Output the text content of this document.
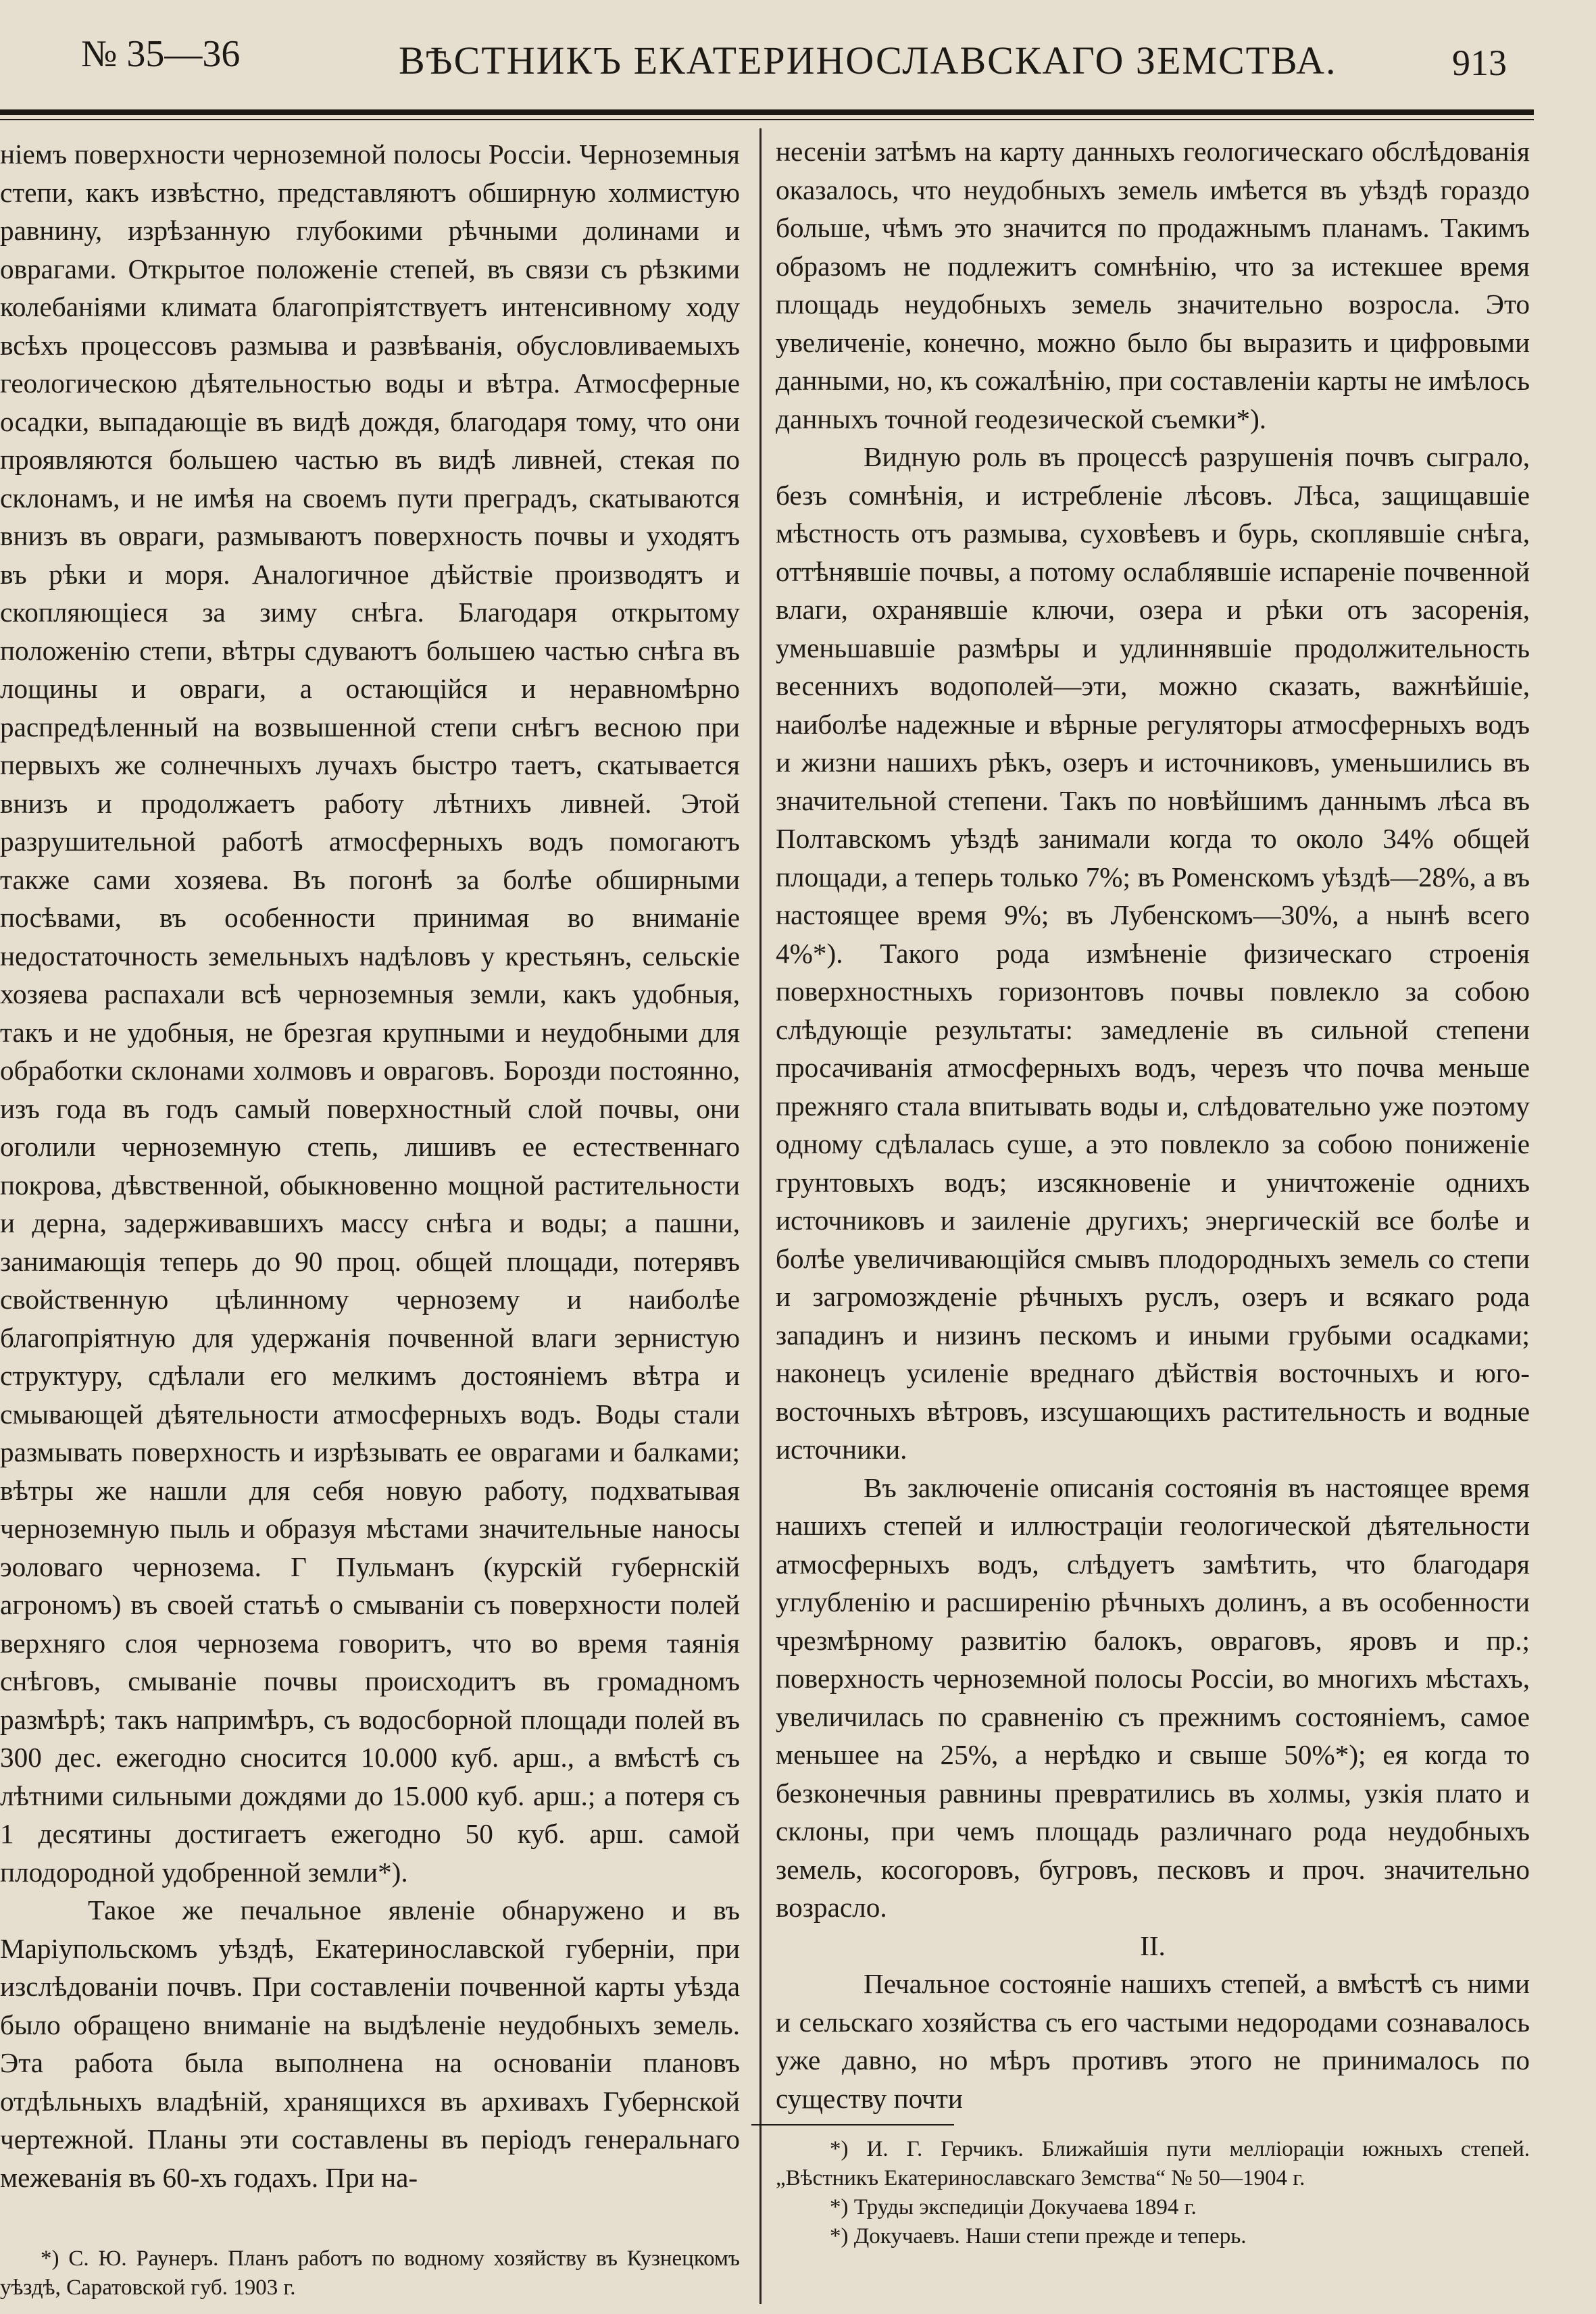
№ 35—36	ВѢСТНИКЪ ЕКАТЕРИНОСЛАВСКАГО ЗЕМСТВА.	913

ніемъ поверхности черноземной полосы Россіи. Черноземныя степи, какъ извѣстно, представляютъ обширную холмистую равнину, изрѣзанную глубокими рѣчными долинами и оврагами. Открытое положеніе степей, въ связи съ рѣзкими колебаніями климата благопріятствуетъ интенсивному ходу всѣхъ процессовъ размыва и развѣванія, обусловливаемыхъ геологическою дѣятельностью воды и вѣтра. Атмосферные осадки, выпадающіе въ видѣ дождя, благодаря тому, что они проявляются большею частью въ видѣ ливней, стекая по склонамъ, и не имѣя на своемъ пути преградъ, скатываются внизъ въ овраги, размываютъ поверхность почвы и уходятъ въ рѣки и моря. Аналогичное дѣйствіе производятъ и скопляющіеся за зиму снѣга. Благодаря открытому положенію степи, вѣтры сдуваютъ большею частью снѣга въ лощины и овраги, а остающійся и неравномѣрно распредѣленный на возвышенной степи снѣгъ весною при первыхъ же солнечныхъ лучахъ быстро таетъ, скатывается внизъ и продолжаетъ работу лѣтнихъ ливней. Этой разрушительной работѣ атмосферныхъ водъ помогаютъ также сами хозяева. Въ погонѣ за болѣе обширными посѣвами, въ особенности принимая во вниманіе недостаточность земельныхъ надѣловъ у крестьянъ, сельскіе хозяева распахали всѣ черноземныя земли, какъ удобныя, такъ и не удобныя, не брезгая крупными и неудобными для обработки склонами холмовъ и овраговъ. Борозди постоянно, изъ года въ годъ самый поверхностный слой почвы, они оголили черноземную степь, лишивъ ее естественнаго покрова, дѣвственной, обыкновенно мощной растительности и дерна, задерживавшихъ массу снѣга и воды; а пашни, занимающія теперь до 90 проц. общей площади, потерявъ свойственную цѣлинному чернозему и наиболѣе благопріятную для удержанія почвенной влаги зернистую структуру, сдѣлали его мелкимъ достояніемъ вѣтра и смывающей дѣятельности атмосферныхъ водъ. Воды стали размывать поверхность и изрѣзывать ее оврагами и балками; вѣтры же нашли для себя новую работу, подхватывая черноземную пыль и образуя мѣстами значительные наносы эоловаго чернозема. Г Пульманъ (курскій губернскій агрономъ) въ своей статьѣ о смываніи съ поверхности полей верхняго слоя чернозема говоритъ, что во время таянія снѣговъ, смываніе почвы происходитъ въ громадномъ размѣрѣ; такъ напримѣръ, съ водосборной площади полей въ 300 дес. ежегодно сносится 10.000 куб. арш., а вмѣстѣ съ лѣтними сильными дождями до 15.000 куб. арш.; а потеря съ 1 десятины достигаетъ ежегодно 50 куб. арш. самой плодородной удобренной земли*).

Такое же печальное явленіе обнаружено и въ Маріупольскомъ уѣздѣ, Екатеринославской губерніи, при изслѣдованіи почвъ. При составленіи почвенной карты уѣзда было обращено вниманіе на выдѣленіе неудобныхъ земель. Эта работа была выполнена на основаніи плановъ отдѣльныхъ владѣній, хранящихся въ архивахъ Губернской чертежной. Планы эти составлены въ періодъ генеральнаго межеванія въ 60-хъ годахъ. При на-

*) С. Ю. Раунеръ. Планъ работъ по водному хозяйству въ Кузнецкомъ уѣздѣ, Саратовской губ. 1903 г.

несеніи затѣмъ на карту данныхъ геологическаго обслѣдованія оказалось, что неудобныхъ земель имѣется въ уѣздѣ гораздо больше, чѣмъ это значится по продажнымъ планамъ. Такимъ образомъ не подлежитъ сомнѣнію, что за истекшее время площадь неудобныхъ земель значительно возросла. Это увеличеніе, конечно, можно было бы выразить и цифровыми данными, но, къ сожалѣнію, при составленіи карты не имѣлось данныхъ точной геодезической съемки*).

Видную роль въ процессѣ разрушенія почвъ сыграло, безъ сомнѣнія, и истребленіе лѣсовъ. Лѣса, защищавшіе мѣстность отъ размыва, суховѣевъ и бурь, скоплявшіе снѣга, оттѣнявшіе почвы, а потому ослаблявшіе испареніе почвенной влаги, охранявшіе ключи, озера и рѣки отъ засоренія, уменьшавшіе размѣры и удлиннявшіе продолжительность весеннихъ водополей—эти, можно сказать, важнѣйшіе, наиболѣе надежные и вѣрные регуляторы атмосферныхъ водъ и жизни нашихъ рѣкъ, озеръ и источниковъ, уменьшились въ значительной степени. Такъ по новѣйшимъ даннымъ лѣса въ Полтавскомъ уѣздѣ занимали когда то около 34% общей площади, а теперь только 7%; въ Роменскомъ уѣздѣ—28%, а въ настоящее время 9%; въ Лубенскомъ—30%, а нынѣ всего 4%*). Такого рода измѣненіе физическаго строенія поверхностныхъ горизонтовъ почвы повлекло за собою слѣдующіе результаты: замедленіе въ сильной степени просачиванія атмосферныхъ водъ, черезъ что почва меньше прежняго стала впитывать воды и, слѣдовательно уже поэтому одному сдѣлалась суше, а это повлекло за собою пониженіе грунтовыхъ водъ; изсякновеніе и уничтоженіе однихъ источниковъ и заиленіе другихъ; энергическій все болѣе и болѣе увеличивающійся смывъ плодородныхъ земель со степи и загромозжденіе рѣчныхъ руслъ, озеръ и всякаго рода западинъ и низинъ пескомъ и иными грубыми осадками; наконецъ усиленіе вреднаго дѣйствія восточныхъ и юго-восточныхъ вѣтровъ, изсушающихъ растительность и водные источники.

Въ заключеніе описанія состоянія въ настоящее время нашихъ степей и иллюстраціи геологической дѣятельности атмосферныхъ водъ, слѣдуетъ замѣтить, что благодаря углубленію и расширенію рѣчныхъ долинъ, а въ особенности чрезмѣрному развитію балокъ, овраговъ, яровъ и пр.; поверхность черноземной полосы Россіи, во многихъ мѣстахъ, увеличилась по сравненію съ прежнимъ состояніемъ, самое меньшее на 25%, а нерѣдко и свыше 50%*); ея когда то безконечныя равнины превратились въ холмы, узкія плато и склоны, при чемъ площадь различнаго рода неудобныхъ земель, косогоровъ, бугровъ, песковъ и проч. значительно возрасло.

II.

Печальное состояніе нашихъ степей, а вмѣстѣ съ ними и сельскаго хозяйства съ его частыми недородами сознавалось уже давно, но мѣръ противъ этого не принималось по существу почти

*) И. Г. Герчикъ. Ближайшія пути мелліораціи южныхъ степей. „Вѣстникъ Екатеринославскаго Земства“ № 50—1904 г.

*) Труды экспедиціи Докучаева 1894 г.

*) Докучаевъ. Наши степи прежде и теперь.
